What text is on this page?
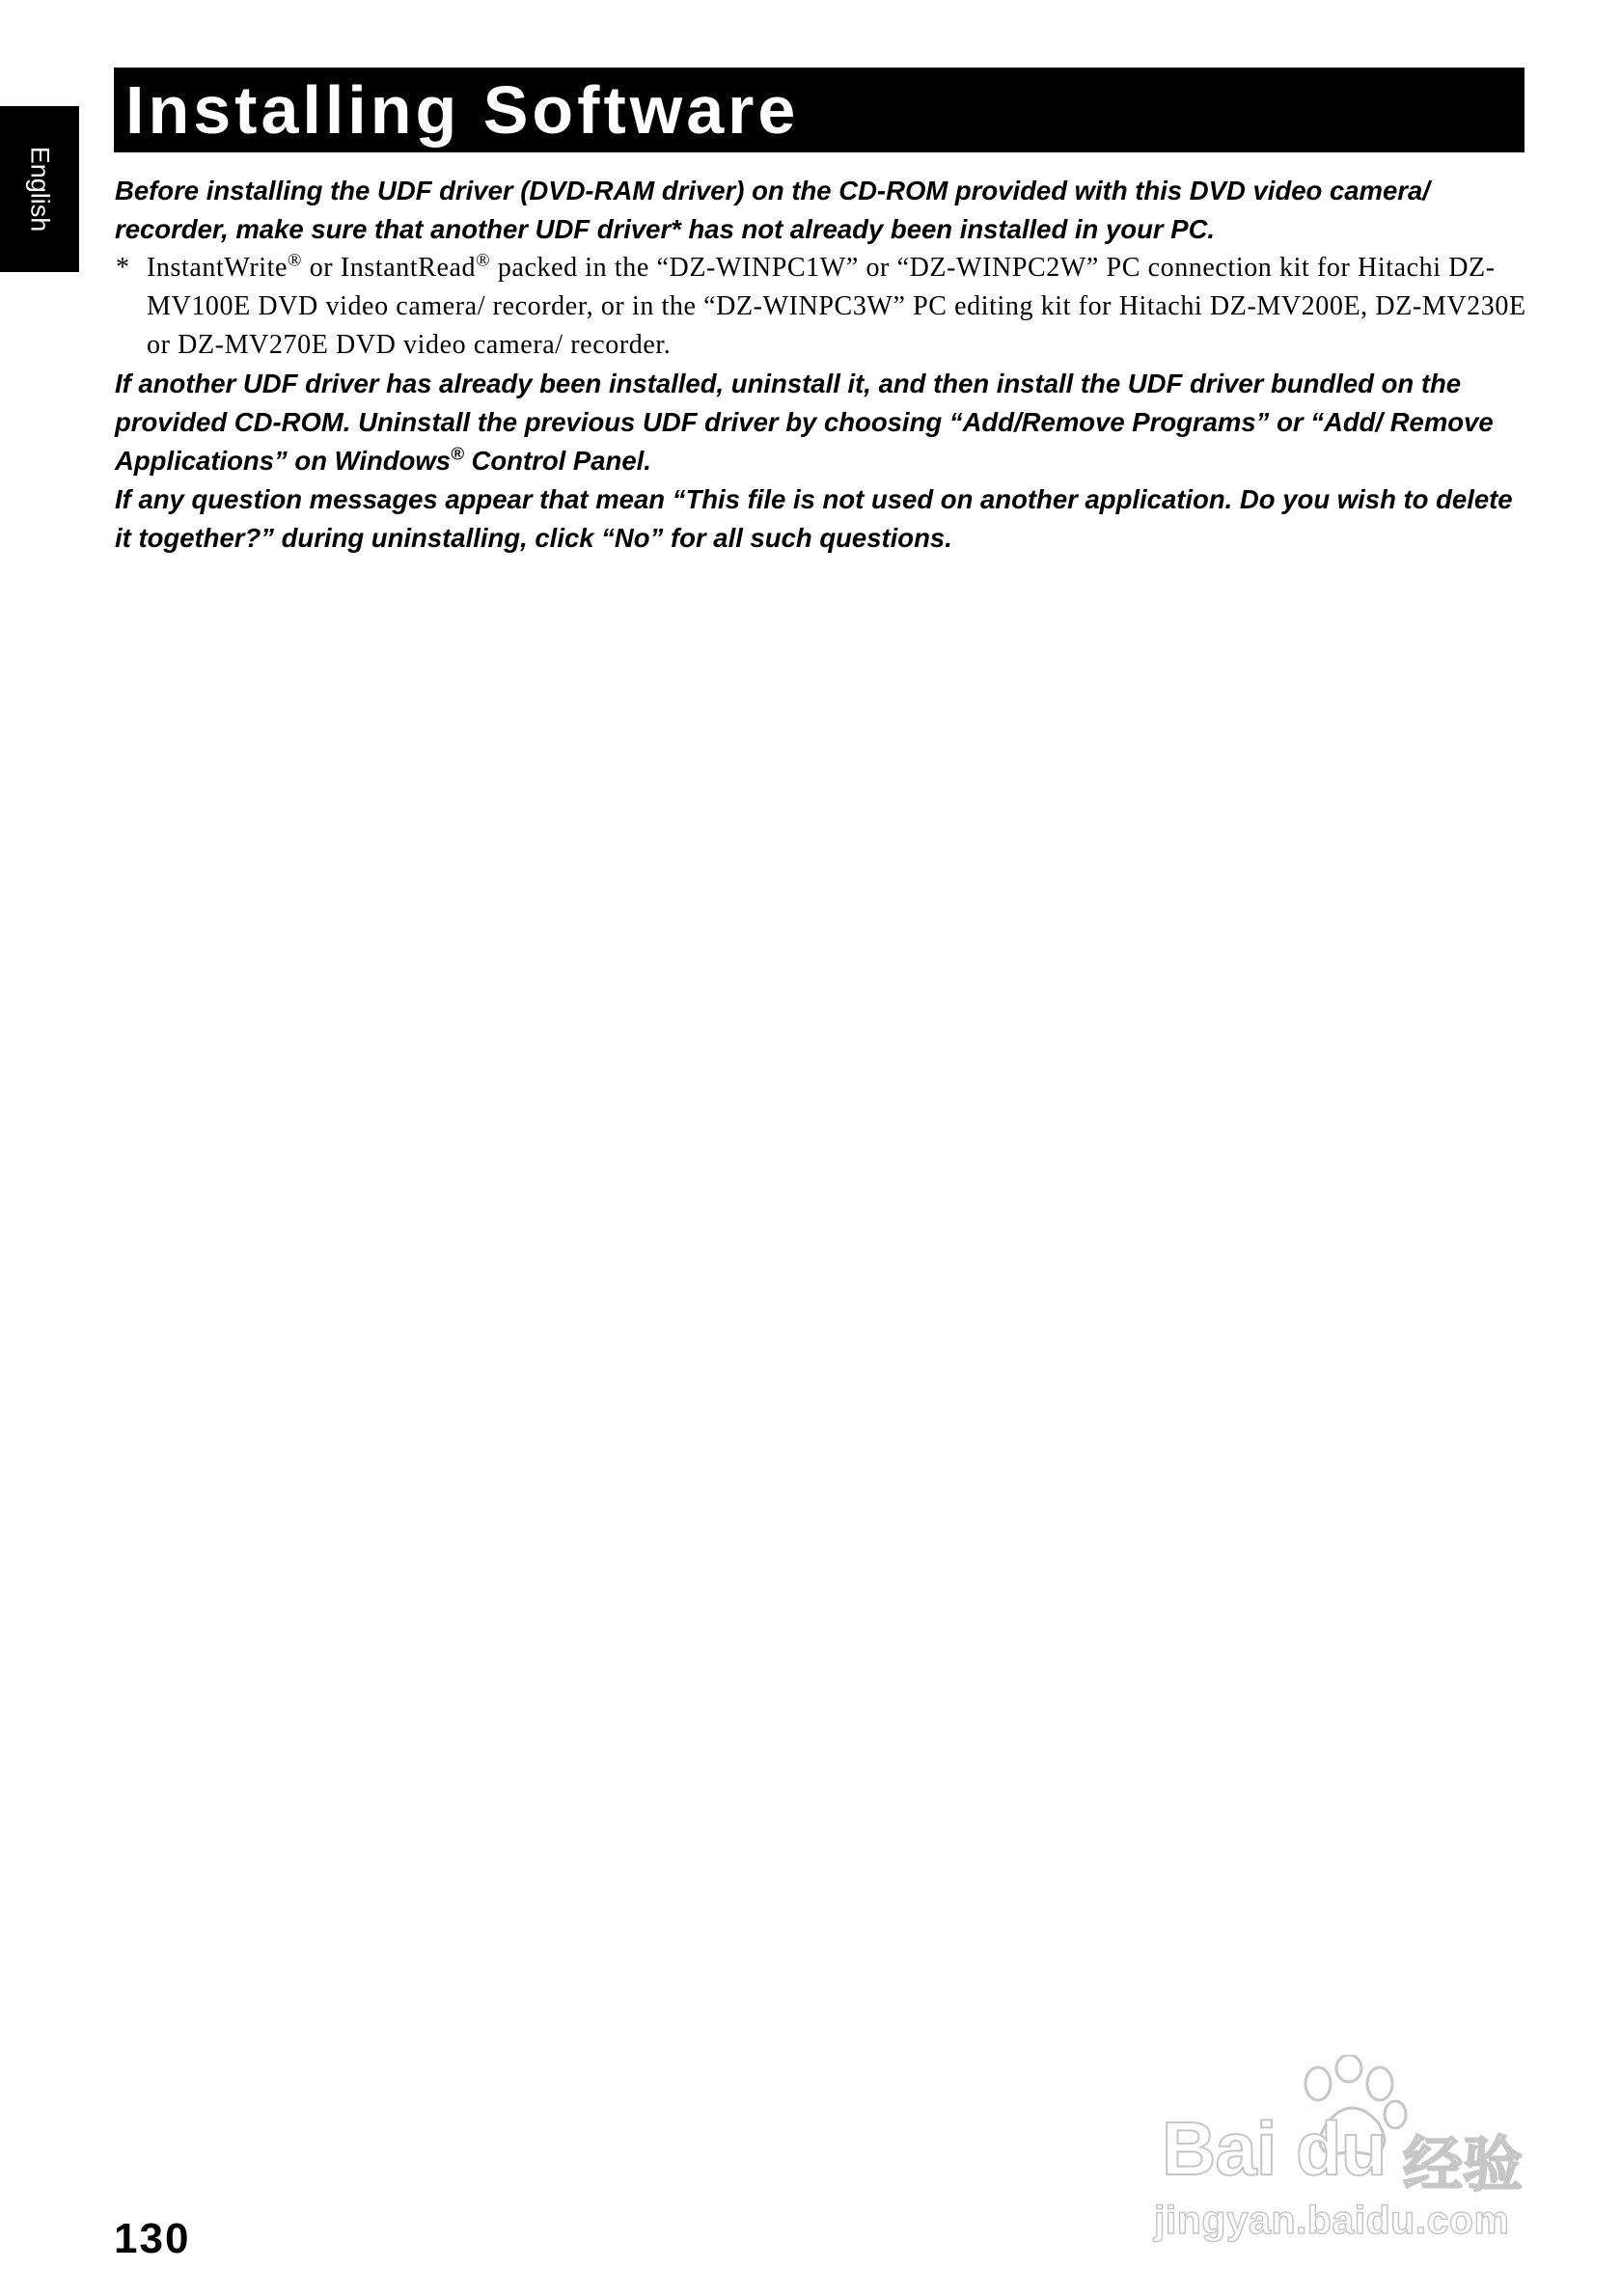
English
Installing Software

Before installing the UDF driver (DVD-RAM driver) on the CD-ROM provided with this DVD video camera/ recorder, make sure that another UDF driver* has not already been installed in your PC.

* InstantWrite® or InstantRead® packed in the “DZ-WINPC1W” or “DZ-WINPC2W” PC connection kit for Hitachi DZ-MV100E DVD video camera/ recorder, or in the “DZ-WINPC3W” PC editing kit for Hitachi DZ-MV200E, DZ-MV230E or DZ-MV270E DVD video camera/ recorder.

If another UDF driver has already been installed, uninstall it, and then install the UDF driver bundled on the provided CD-ROM. Uninstall the previous UDF driver by choosing “Add/Remove Programs” or “Add/ Remove Applications” on Windows® Control Panel.

If any question messages appear that mean “This file is not used on another application. Do you wish to delete it together?” during uninstalling, click “No” for all such questions.

130
Bai du 经验
jingyan.baidu.com
